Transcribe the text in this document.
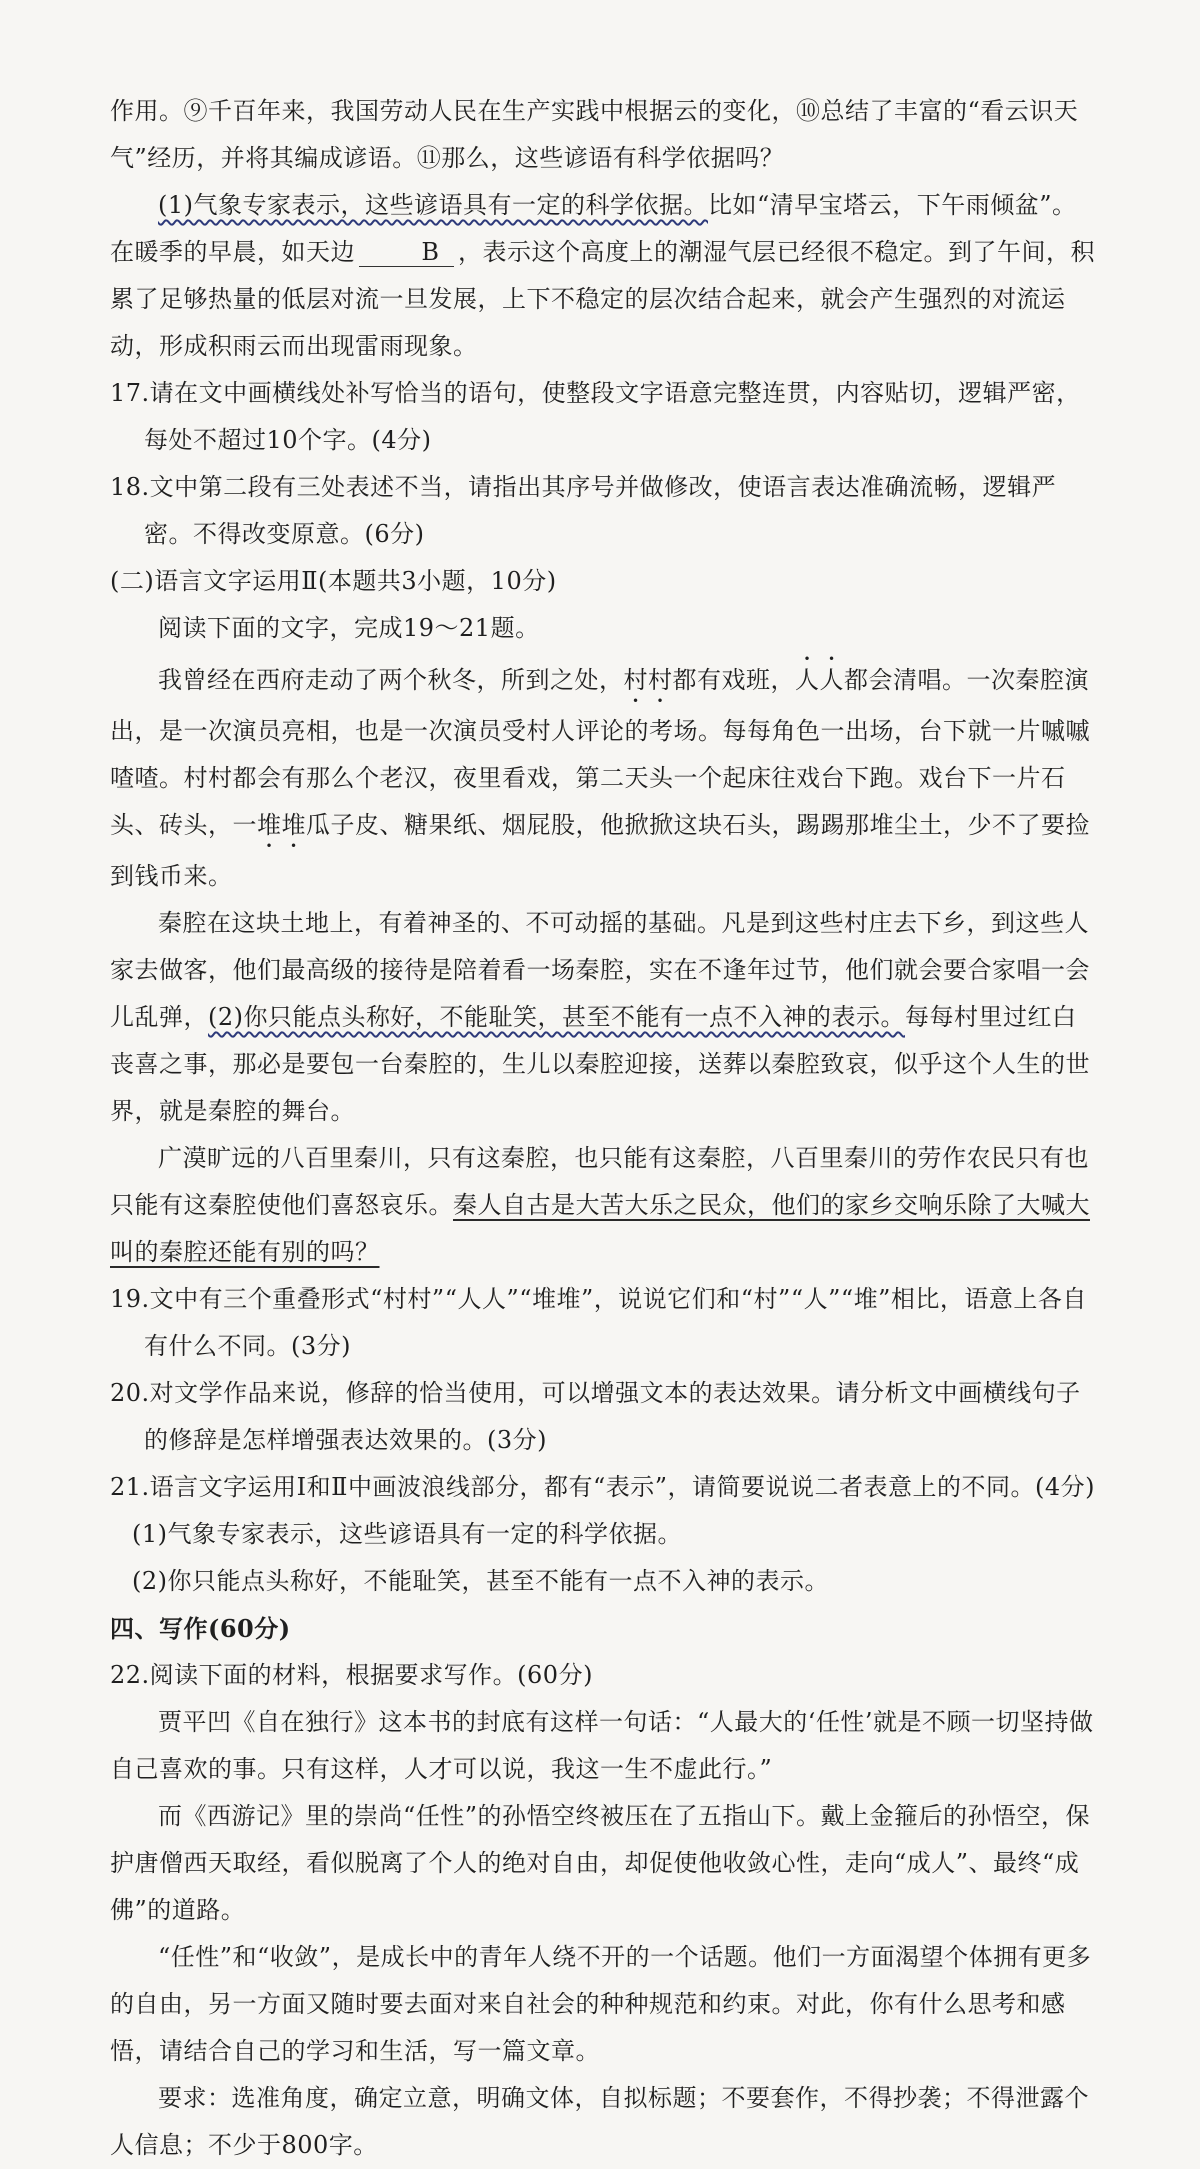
作用。⑨千百年来，我国劳动人民在生产实践中根据云的变化，⑩总结了丰富的“看云识天气”经历，并将其编成谚语。⑪那么，这些谚语有科学依据吗？

(1)气象专家表示，这些谚语具有一定的科学依据。比如“清早宝塔云，下午雨倾盆”。在暖季的早晨，如天边	B ，表示这个高度上的潮湿气层已经很不稳定。到了午间，积累了足够热量的低层对流一旦发展，上下不稳定的层次结合起来，就会产生强烈的对流运动，形成积雨云而出现雷雨现象。

17.请在文中画横线处补写恰当的语句，使整段文字语意完整连贯，内容贴切，逻辑严密，每处不超过10个字。(4分)

18.文中第二段有三处表述不当，请指出其序号并做修改，使语言表达准确流畅，逻辑严密。不得改变原意。(6分)

(二)语言文字运用Ⅱ(本题共3小题，10分)

阅读下面的文字，完成19～21题。

我曾经在西府走动了两个秋冬，所到之处，村村都有戏班，人人都会清唱。一次秦腔演出，是一次演员亮相，也是一次演员受村人评论的考场。每每角色一出场，台下就一片嘁嘁喳喳。村村都会有那么个老汉，夜里看戏，第二天头一个起床往戏台下跑。戏台下一片石头、砖头，一堆堆瓜子皮、糖果纸、烟屁股，他掀掀这块石头，踢踢那堆尘土，少不了要捡到钱币来。

秦腔在这块土地上，有着神圣的、不可动摇的基础。凡是到这些村庄去下乡，到这些人家去做客，他们最高级的接待是陪着看一场秦腔，实在不逢年过节，他们就会要合家唱一会儿乱弹，(2)你只能点头称好，不能耻笑，甚至不能有一点不入神的表示。每每村里过红白丧喜之事，那必是要包一台秦腔的，生儿以秦腔迎接，送葬以秦腔致哀，似乎这个人生的世界，就是秦腔的舞台。

广漠旷远的八百里秦川，只有这秦腔，也只能有这秦腔，八百里秦川的劳作农民只有也只能有这秦腔使他们喜怒哀乐。秦人自古是大苦大乐之民众，他们的家乡交响乐除了大喊大叫的秦腔还能有别的吗？

19.文中有三个重叠形式“村村”“人人”“堆堆”，说说它们和“村”“人”“堆”相比，语意上各自有什么不同。(3分)

20.对文学作品来说，修辞的恰当使用，可以增强文本的表达效果。请分析文中画横线句子的修辞是怎样增强表达效果的。(3分)

21.语言文字运用Ⅰ和Ⅱ中画波浪线部分，都有“表示”，请简要说说二者表意上的不同。(4分)

(1)气象专家表示，这些谚语具有一定的科学依据。

(2)你只能点头称好，不能耻笑，甚至不能有一点不入神的表示。

四、写作(60分)

22.阅读下面的材料，根据要求写作。(60分)

贾平凹《自在独行》这本书的封底有这样一句话：“人最大的‘任性’就是不顾一切坚持做自己喜欢的事。只有这样，人才可以说，我这一生不虚此行。”

而《西游记》里的崇尚“任性”的孙悟空终被压在了五指山下。戴上金箍后的孙悟空，保护唐僧西天取经，看似脱离了个人的绝对自由，却促使他收敛心性，走向“成人”、最终“成佛”的道路。

“任性”和“收敛”，是成长中的青年人绕不开的一个话题。他们一方面渴望个体拥有更多的自由，另一方面又随时要去面对来自社会的种种规范和约束。对此，你有什么思考和感悟，请结合自己的学习和生活，写一篇文章。

要求：选准角度，确定立意，明确文体，自拟标题；不要套作，不得抄袭；不得泄露个人信息；不少于800字。
